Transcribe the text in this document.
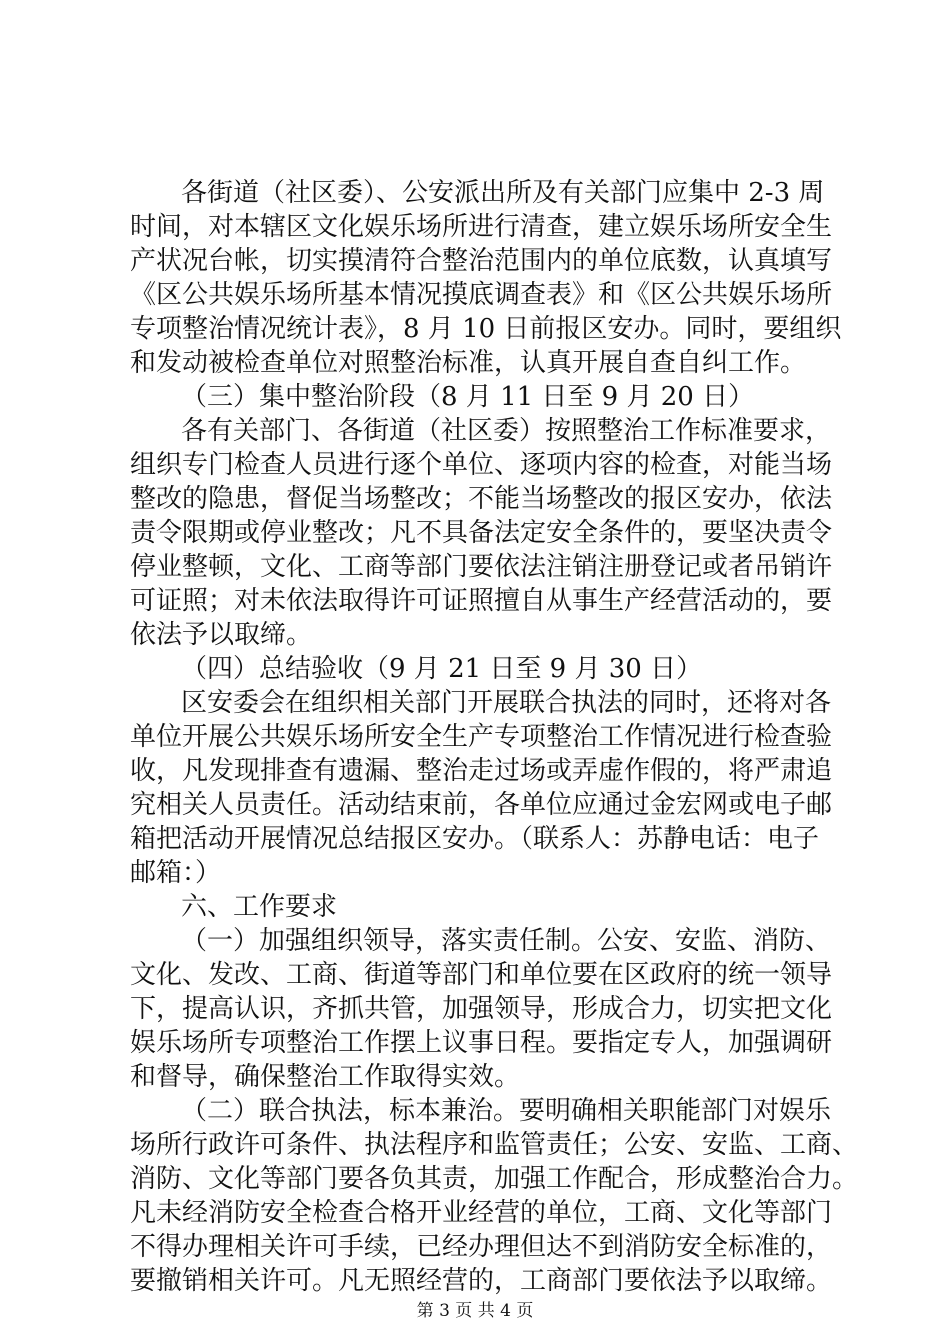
各街道（社区委）、公安派出所及有关部门应集中 2-3 周
时间，对本辖区文化娱乐场所进行清查，建立娱乐场所安全生
产状况台帐，切实摸清符合整治范围内的单位底数，认真填写
《区公共娱乐场所基本情况摸底调查表》和《区公共娱乐场所
专项整治情况统计表》，8 月 10 日前报区安办。同时，要组织
和发动被检查单位对照整治标准，认真开展自查自纠工作。
（三）集中整治阶段（8 月 11 日至 9 月 20 日）
各有关部门、各街道（社区委）按照整治工作标准要求，
组织专门检查人员进行逐个单位、逐项内容的检查，对能当场
整改的隐患，督促当场整改；不能当场整改的报区安办，依法
责令限期或停业整改；凡不具备法定安全条件的，要坚决责令
停业整顿，文化、工商等部门要依法注销注册登记或者吊销许
可证照；对未依法取得许可证照擅自从事生产经营活动的，要
依法予以取缔。
（四）总结验收（9 月 21 日至 9 月 30 日）
区安委会在组织相关部门开展联合执法的同时，还将对各
单位开展公共娱乐场所安全生产专项整治工作情况进行检查验
收，凡发现排查有遗漏、整治走过场或弄虚作假的，将严肃追
究相关人员责任。活动结束前，各单位应通过金宏网或电子邮
箱把活动开展情况总结报区安办。（联系人：苏静电话：电子
邮箱：）
六、工作要求
（一）加强组织领导，落实责任制。公安、安监、消防、
文化、发改、工商、街道等部门和单位要在区政府的统一领导
下，提高认识，齐抓共管，加强领导，形成合力，切实把文化
娱乐场所专项整治工作摆上议事日程。要指定专人，加强调研
和督导，确保整治工作取得实效。
（二）联合执法，标本兼治。要明确相关职能部门对娱乐
场所行政许可条件、执法程序和监管责任；公安、安监、工商、
消防、文化等部门要各负其责，加强工作配合，形成整治合力。
凡未经消防安全检查合格开业经营的单位，工商、文化等部门
不得办理相关许可手续，已经办理但达不到消防安全标准的，
要撤销相关许可。凡无照经营的，工商部门要依法予以取缔。
第 3 页 共 4 页
